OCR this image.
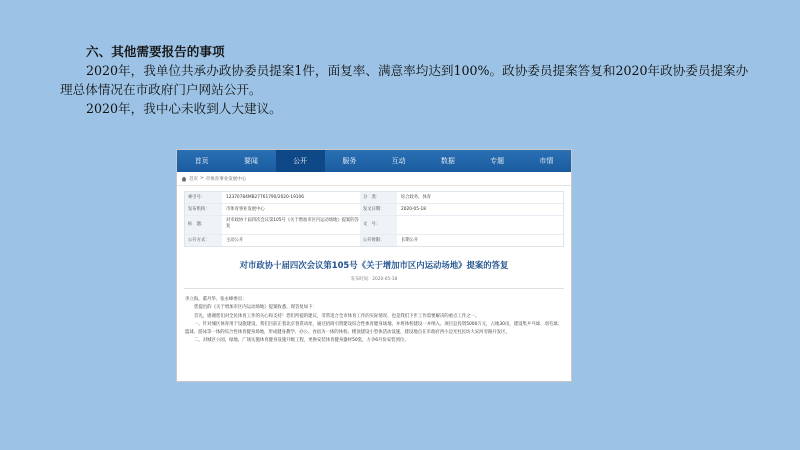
六、其他需要报告的事项

2020年，我单位共承办政协委员提案1件，面复率、满意率均达到100%。政协委员提案答复和2020年政协委员提案办理总体情况在市政府门户网站公开。

2020年，我中心未收到人大建议。

首页	要闻	公开	服务	互动	数据	专题	市情
首页 > 市体育事业发展中心
索引号：	12370784MB27761790/2020-19106	分　类：	综合政务，体育
发布机构：	市体育事业发展中心	发文日期：	2020-05-18
标　题：
对市政协十届四次会议第105号《关于增加市区内运动场地》提案的答复	文　号：
公开方式：	主动公开	公开时限：	长期公开
对市政协十届四次会议第105号《关于增加市区内运动场地》提案的答复
发布时间：2020-05-18

李立海、董丹华、张永峰委员：

您提出的《关于增加市区内运动场地》提案收悉，现答复如下：

首先，感谢您们对全民体育工作的关心和支持！您们所提的建议，非常适合全市体育工作的实际情况，也是我们下步工作需要解决的重点工作之一。

一、针对城区体育用于设施建设，我们目前正着北京春熹动址，通过招商引资建设综合性体育健身场地，并将体校建设一并纳入。项目总投资5000万元，占地30亩，建设集乒乓球、羽毛球、篮球、游泳等一体的综合性体育健身场地，形成健身教学、办公、食宿为一体的体校。楼顶建设小型体活动设施，建设地点在市政府西小边光柱民坊大宋河旁路开发区。

二、对城区公园、绿地、广场实施体育健身设施升级工程，更换安装体育健身器材50套，力争6月份安装到位。
